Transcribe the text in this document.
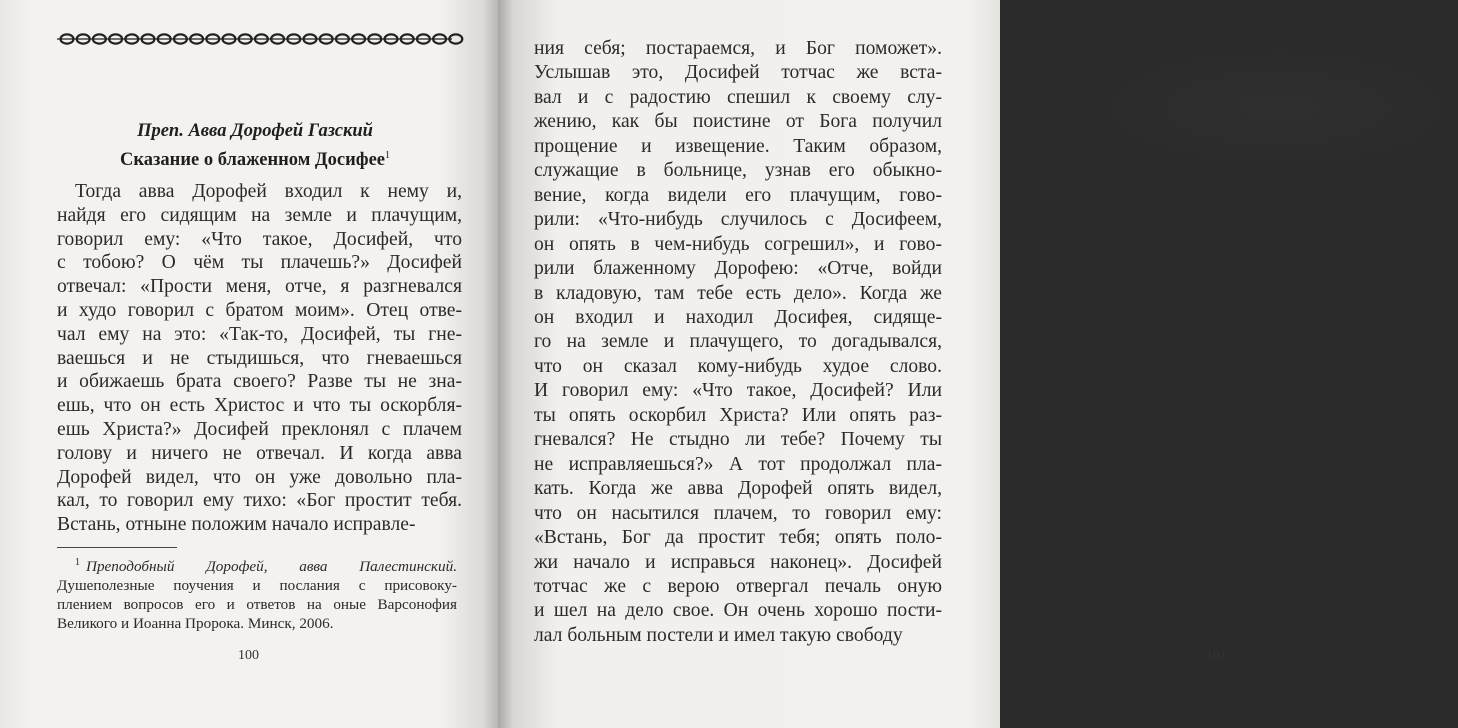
Преп. Авва Дорофей Газский
Сказание о блаженном Досифее$^1$
Тогда авва Дорофей входил к нему и,
найдя его сидящим на земле и плачущим,
говорил ему: «Что такое, Досифей, что
с тобою? О чём ты плачешь?» Досифей
отвечал: «Прости меня, отче, я разгневался
и худо говорил с братом моим». Отец отве-
чал ему на это: «Так-то, Досифей, ты гне-
ваешься и не стыдишься, что гневаешься
и обижаешь брата своего? Разве ты не зна-
ешь, что он есть Христос и что ты оскорбля-
ешь Христа?» Досифей преклонял с плачем
голову и ничего не отвечал. И когда авва
Дорофей видел, что он уже довольно пла-
кал, то говорил ему тихо: «Бог простит тебя.
Встань, отныне положим начало исправле-
$^1$ Преподобный Дорофей, авва Палестинский.
Душеполезные поучения и послания с присовоку-
плением вопросов его и ответов на оные Варсонофия
Великого и Иоанна Пророка. Минск, 2006.
100	101
ния себя; постараемся, и Бог поможет».
Услышав это, Досифей тотчас же вста-
вал и с радостию спешил к своему слу-
жению, как бы поистине от Бога получил
прощение и извещение. Таким образом,
служащие в больнице, узнав его обыкно-
вение, когда видели его плачущим, гово-
рили: «Что-нибудь случилось с Досифеем,
он опять в чем-нибудь согрешил», и гово-
рили блаженному Дорофею: «Отче, войди
в кладовую, там тебе есть дело». Когда же
он входил и находил Досифея, сидяще-
го на земле и плачущего, то догадывался,
что он сказал кому-нибудь худое слово.
И говорил ему: «Что такое, Досифей? Или
ты опять оскорбил Христа? Или опять раз-
гневался? Не стыдно ли тебе? Почему ты
не исправляешься?» А тот продолжал пла-
кать. Когда же авва Дорофей опять видел,
что он насытился плачем, то говорил ему:
«Встань, Бог да простит тебя; опять поло-
жи начало и исправься наконец». Досифей
тотчас же с верою отвергал печаль оную
и шел на дело свое. Он очень хорошо пости-
лал больным постели и имел такую свободу
